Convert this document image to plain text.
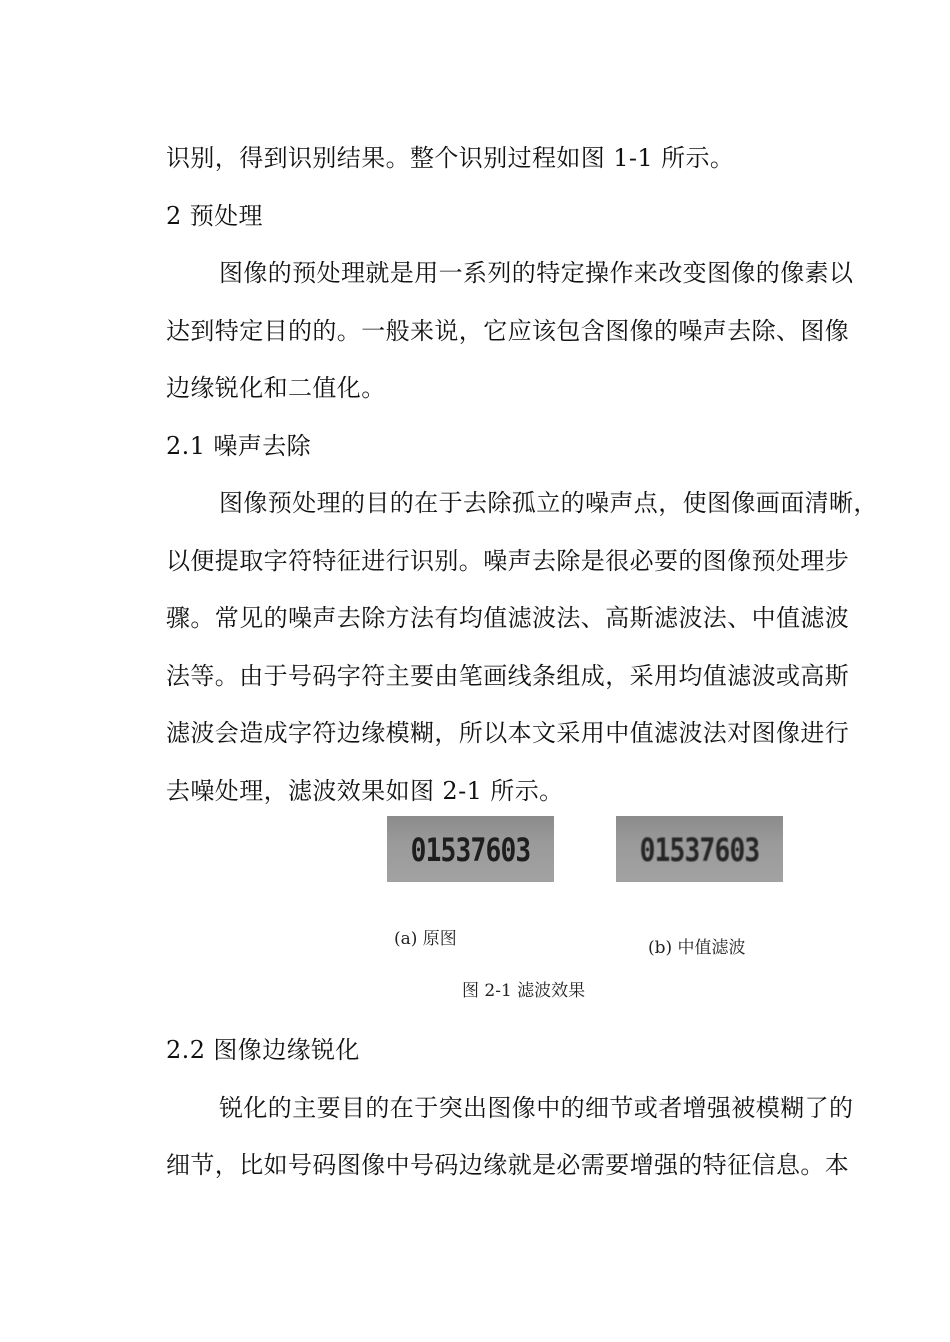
识别，得到识别结果。整个识别过程如图 1-1 所示。
2 预处理
图像的预处理就是用一系列的特定操作来改变图像的像素以
达到特定目的的。一般来说，它应该包含图像的噪声去除、图像
边缘锐化和二值化。
2.1 噪声去除
图像预处理的目的在于去除孤立的噪声点，使图像画面清晰，
以便提取字符特征进行识别。噪声去除是很必要的图像预处理步
骤。常见的噪声去除方法有均值滤波法、高斯滤波法、中值滤波
法等。由于号码字符主要由笔画线条组成，采用均值滤波或高斯
滤波会造成字符边缘模糊，所以本文采用中值滤波法对图像进行
去噪处理，滤波效果如图 2-1 所示。
01537603	01537603
(a) 原图	(b) 中值滤波
图 2-1 滤波效果
2.2 图像边缘锐化
锐化的主要目的在于突出图像中的细节或者增强被模糊了的
细节，比如号码图像中号码边缘就是必需要增强的特征信息。本
